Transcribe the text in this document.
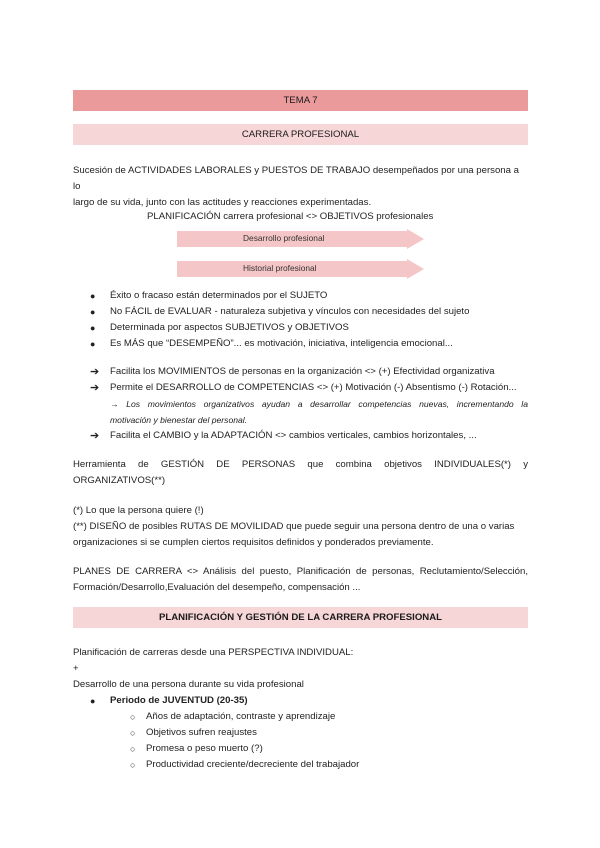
TEMA 7
CARRERA PROFESIONAL
Sucesión de ACTIVIDADES LABORALES y PUESTOS DE TRABAJO desempeñados por una persona a lo
largo de su vida, junto con las actitudes y reacciones experimentadas.
PLANIFICACIÓN carrera profesional <> OBJETIVOS profesionales
Desarrollo profesional
Historial profesional
●	Éxito o fracaso están determinados por el SUJETO
●	No FÁCIL de EVALUAR - naturaleza subjetiva y vínculos con necesidades del sujeto
●	Determinada por aspectos SUBJETIVOS y OBJETIVOS
●	Es MÁS que “DESEMPEÑO”... es motivación, iniciativa, inteligencia emocional...
➔ Facilita los MOVIMIENTOS de personas en la organización <> (+) Efectividad organizativa
➔ Permite el DESARROLLO de COMPETENCIAS <> (+) Motivación (-) Absentismo (-) Rotación...
→ Los movimientos organizativos ayudan a desarrollar competencias nuevas, incrementando la
motivación y bienestar del personal.
➔ Facilita el CAMBIO y la ADAPTACIÓN <> cambios verticales, cambios horizontales, ...
Herramienta de GESTIÓN DE PERSONAS que combina objetivos INDIVIDUALES(*) y
ORGANIZATIVOS(**)
(*) Lo que la persona quiere (!)
(**) DISEÑO de posibles RUTAS DE MOVILIDAD que puede seguir una persona dentro de una o varias
organizaciones si se cumplen ciertos requisitos definidos y ponderados previamente.
PLANES DE CARRERA <> Análisis del puesto, Planificación de personas, Reclutamiento/Selección,
Formación/Desarrollo,Evaluación del desempeño, compensación ...
PLANIFICACIÓN Y GESTIÓN DE LA CARRERA PROFESIONAL
Planificación de carreras desde una PERSPECTIVA INDIVIDUAL:
+
Desarrollo de una persona durante su vida profesional
●	Periodo de JUVENTUD (20-35)
○ Años de adaptación, contraste y aprendizaje
○ Objetivos sufren reajustes
○ Promesa o peso muerto (?)
○ Productividad creciente/decreciente del trabajador
